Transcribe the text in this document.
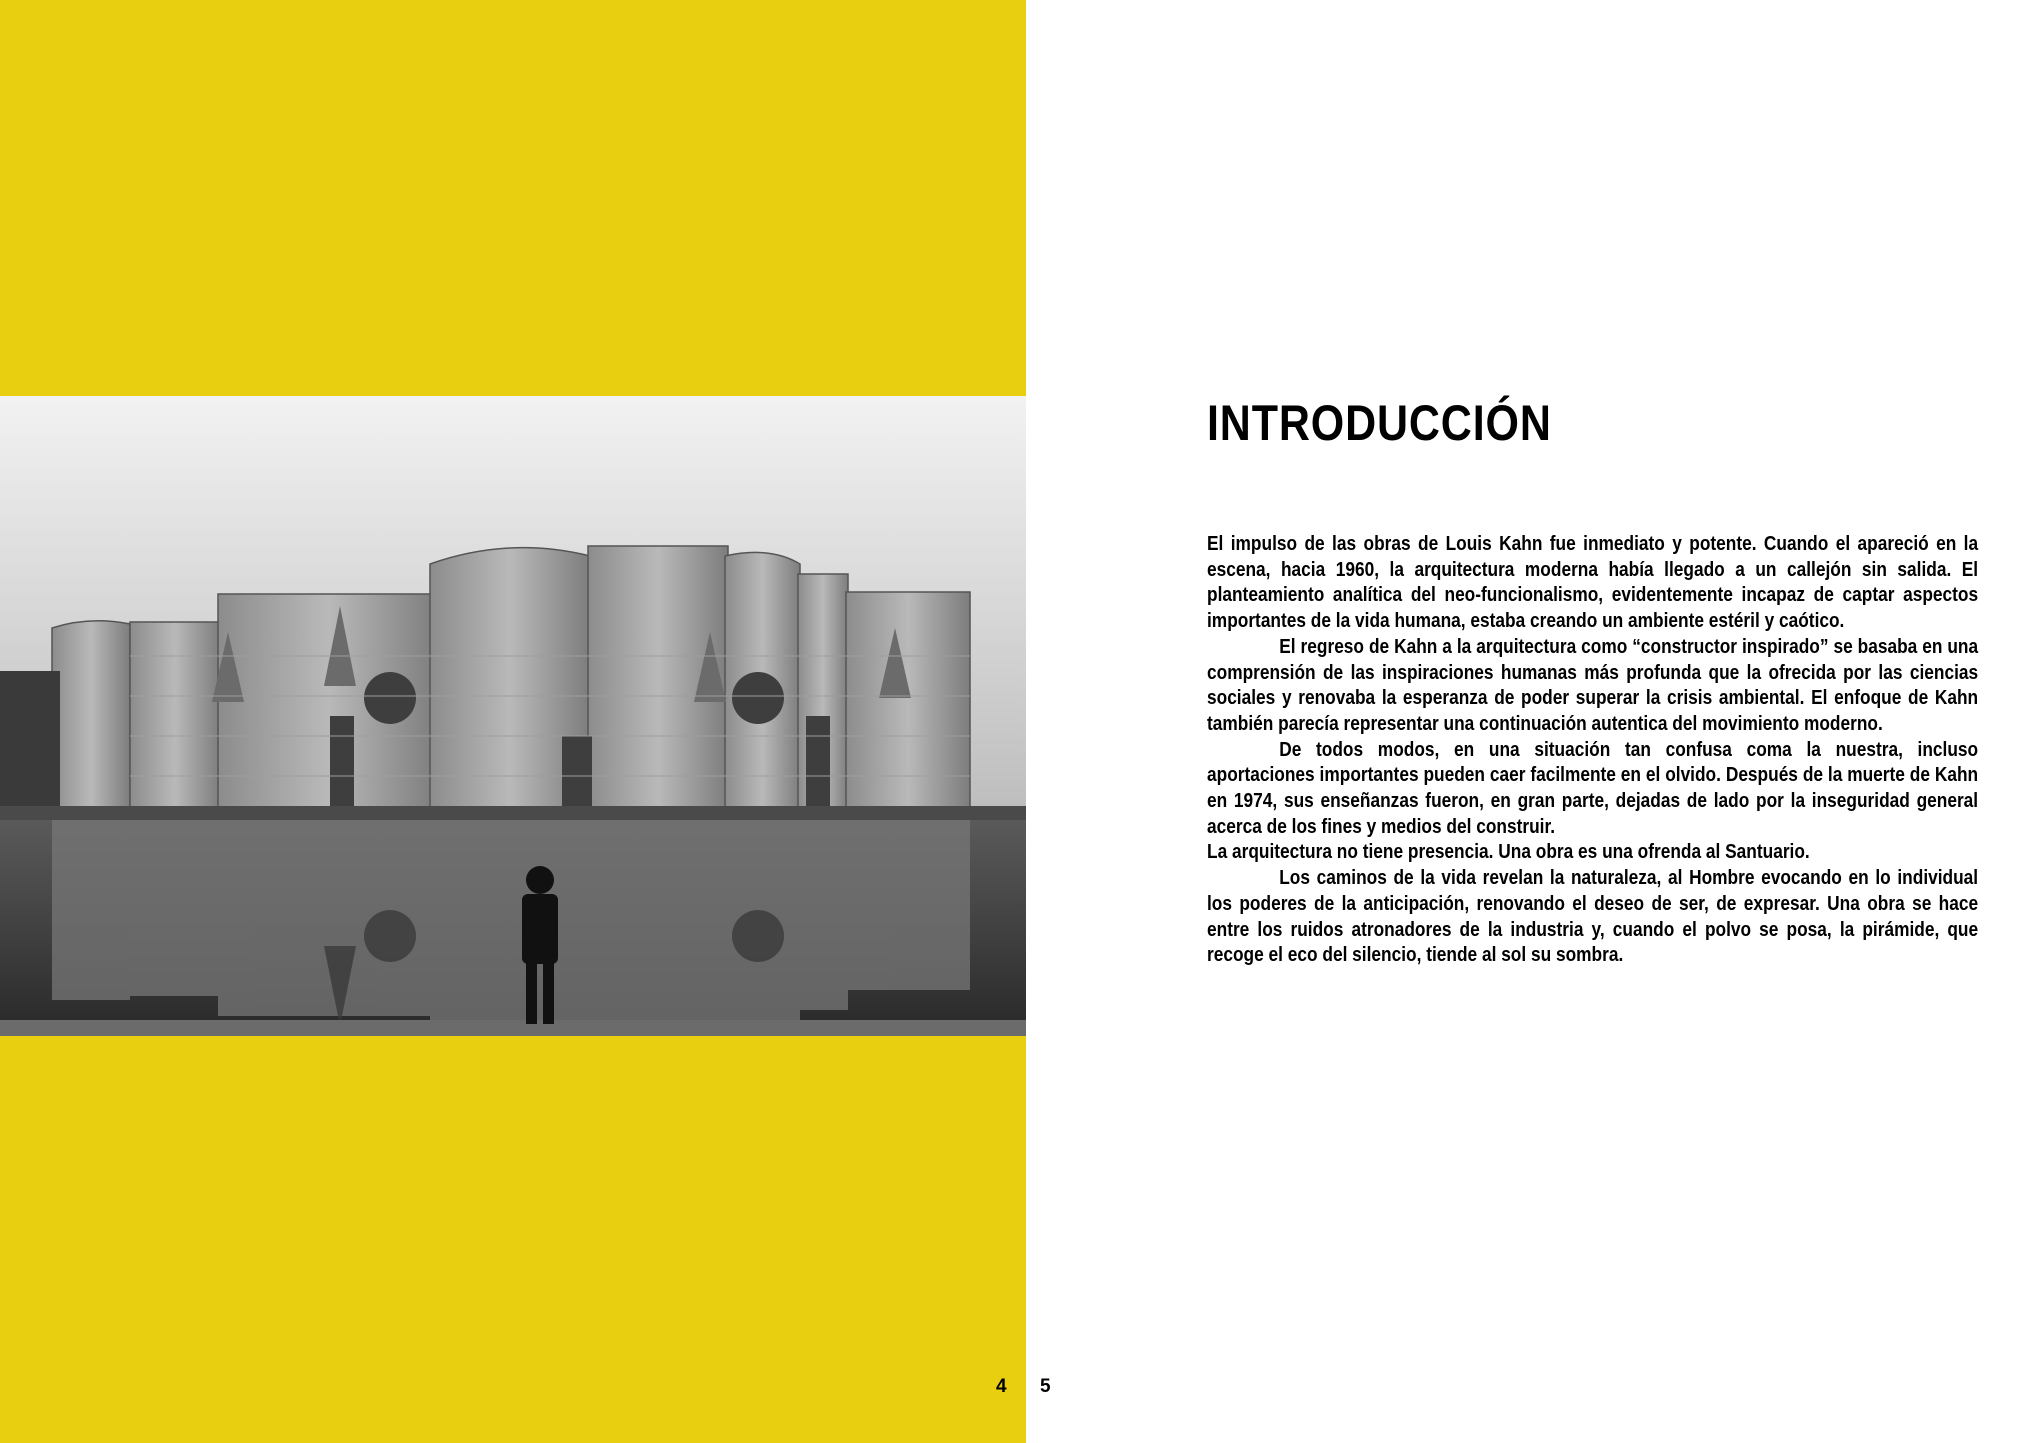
4
INTRODUCCIÓN

El impulso de las obras de Louis Kahn fue inmediato y potente. Cuando el apareció en la escena, hacia 1960, la arquitectura moderna había llegado a un callejón sin salida. El planteamiento analítica del neo-funcionalismo, evidentemente incapaz de captar aspectos importantes de la vida humana, estaba creando un ambiente estéril y caótico.

El regreso de Kahn a la arquitectura como “constructor inspirado” se basaba en una comprensión de las inspiraciones humanas más profunda que la ofrecida por las ciencias sociales y renovaba la esperanza de poder superar la crisis ambiental. El enfoque de Kahn también parecía representar una continuación autentica del movimiento moderno.

De todos modos, en una situación tan confusa coma la nuestra, incluso aportaciones importantes pueden caer facilmente en el olvido. Después de la muerte de Kahn en 1974, sus enseñanzas fueron, en gran parte, dejadas de lado por la inseguridad general acerca de los fines y medios del construir.

La arquitectura no tiene presencia. Una obra es una ofrenda al Santuario.

Los caminos de la vida revelan la naturaleza, al Hombre evocando en lo individual los poderes de la anticipación, renovando el deseo de ser, de expresar. Una obra se hace entre los ruidos atronadores de la industria y, cuando el polvo se posa, la pirámide, que recoge el eco del silencio, tiende al sol su sombra.

5
